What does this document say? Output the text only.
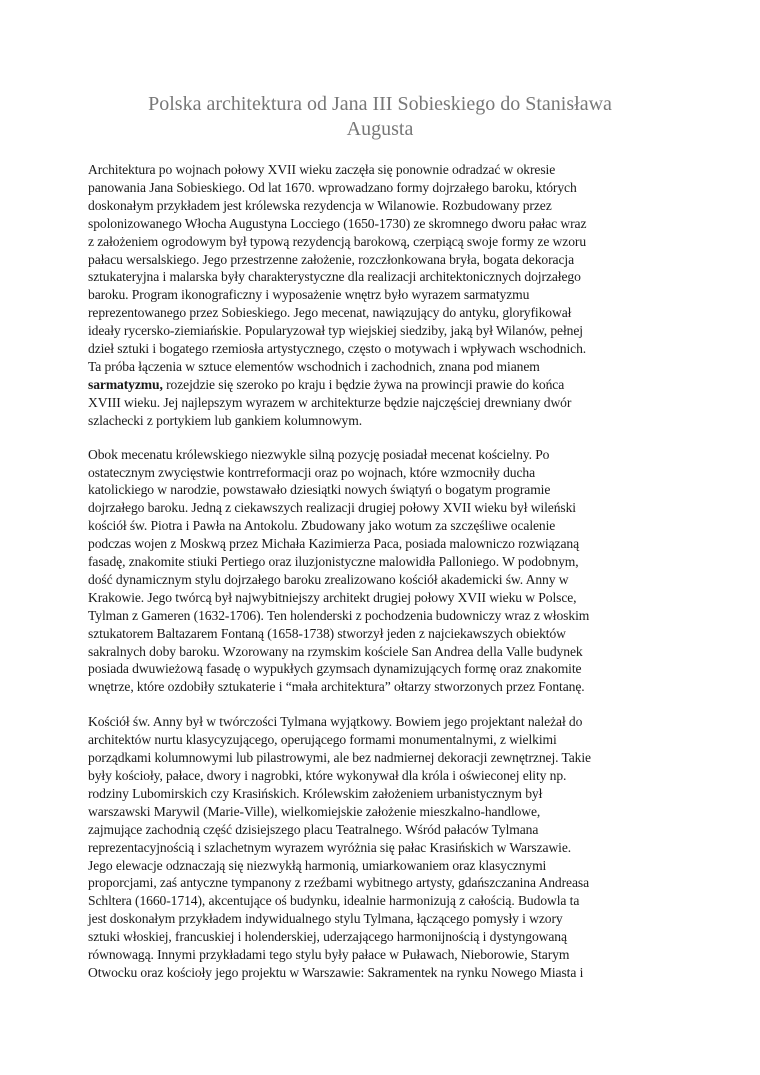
Polska architektura od Jana III Sobieskiego do Stanisława
Augusta
Architektura po wojnach połowy XVII wieku zaczęła się ponownie odradzać w okresie
panowania Jana Sobieskiego. Od lat 1670. wprowadzano formy dojrzałego baroku, których
doskonałym przykładem jest królewska rezydencja w Wilanowie. Rozbudowany przez
spolonizowanego Włocha Augustyna Locciego (1650-1730) ze skromnego dworu pałac wraz
z założeniem ogrodowym był typową rezydencją barokową, czerpiącą swoje formy ze wzoru
pałacu wersalskiego. Jego przestrzenne założenie, rozczłonkowana bryła, bogata dekoracja
sztukateryjna i malarska były charakterystyczne dla realizacji architektonicznych dojrzałego
baroku. Program ikonograficzny i wyposażenie wnętrz było wyrazem sarmatyzmu
reprezentowanego przez Sobieskiego. Jego mecenat, nawiązujący do antyku, gloryfikował
ideały rycersko-ziemiańskie. Popularyzował typ wiejskiej siedziby, jaką był Wilanów, pełnej
dzieł sztuki i bogatego rzemiosła artystycznego, często o motywach i wpływach wschodnich.
Ta próba łączenia w sztuce elementów wschodnich i zachodnich, znana pod mianem
sarmatyzmu, rozejdzie się szeroko po kraju i będzie żywa na prowincji prawie do końca
XVIII wieku. Jej najlepszym wyrazem w architekturze będzie najczęściej drewniany dwór
szlachecki z portykiem lub gankiem kolumnowym.
Obok mecenatu królewskiego niezwykle silną pozycję posiadał mecenat kościelny. Po
ostatecznym zwycięstwie kontrreformacji oraz po wojnach, które wzmocniły ducha
katolickiego w narodzie, powstawało dziesiątki nowych świątyń o bogatym programie
dojrzałego baroku. Jedną z ciekawszych realizacji drugiej połowy XVII wieku był wileński
kościół św. Piotra i Pawła na Antokolu. Zbudowany jako wotum za szczęśliwe ocalenie
podczas wojen z Moskwą przez Michała Kazimierza Paca, posiada malowniczo rozwiązaną
fasadę, znakomite stiuki Pertiego oraz iluzjonistyczne malowidła Palloniego. W podobnym,
dość dynamicznym stylu dojrzałego baroku zrealizowano kościół akademicki św. Anny w
Krakowie. Jego twórcą był najwybitniejszy architekt drugiej połowy XVII wieku w Polsce,
Tylman z Gameren (1632-1706). Ten holenderski z pochodzenia budowniczy wraz z włoskim
sztukatorem Baltazarem Fontaną (1658-1738) stworzył jeden z najciekawszych obiektów
sakralnych doby baroku. Wzorowany na rzymskim kościele San Andrea della Valle budynek
posiada dwuwieżową fasadę o wypukłych gzymsach dynamizujących formę oraz znakomite
wnętrze, które ozdobiły sztukaterie i “mała architektura” ołtarzy stworzonych przez Fontanę.
Kościół św. Anny był w twórczości Tylmana wyjątkowy. Bowiem jego projektant należał do
architektów nurtu klasycyzującego, operującego formami monumentalnymi, z wielkimi
porządkami kolumnowymi lub pilastrowymi, ale bez nadmiernej dekoracji zewnętrznej. Takie
były kościoły, pałace, dwory i nagrobki, które wykonywał dla króla i oświeconej elity np.
rodziny Lubomirskich czy Krasińskich. Królewskim założeniem urbanistycznym był
warszawski Marywil (Marie-Ville), wielkomiejskie założenie mieszkalno-handlowe,
zajmujące zachodnią część dzisiejszego placu Teatralnego. Wśród pałaców Tylmana
reprezentacyjnością i szlachetnym wyrazem wyróżnia się pałac Krasińskich w Warszawie.
Jego elewacje odznaczają się niezwykłą harmonią, umiarkowaniem oraz klasycznymi
proporcjami, zaś antyczne tympanony z rzeźbami wybitnego artysty, gdańszczanina Andreasa
Schltera (1660-1714), akcentujące oś budynku, idealnie harmonizują z całością. Budowla ta
jest doskonałym przykładem indywidualnego stylu Tylmana, łączącego pomysły i wzory
sztuki włoskiej, francuskiej i holenderskiej, uderzającego harmonijnością i dystyngowaną
równowagą. Innymi przykładami tego stylu były pałace w Puławach, Nieborowie, Starym
Otwocku oraz kościoły jego projektu w Warszawie: Sakramentek na rynku Nowego Miasta i
